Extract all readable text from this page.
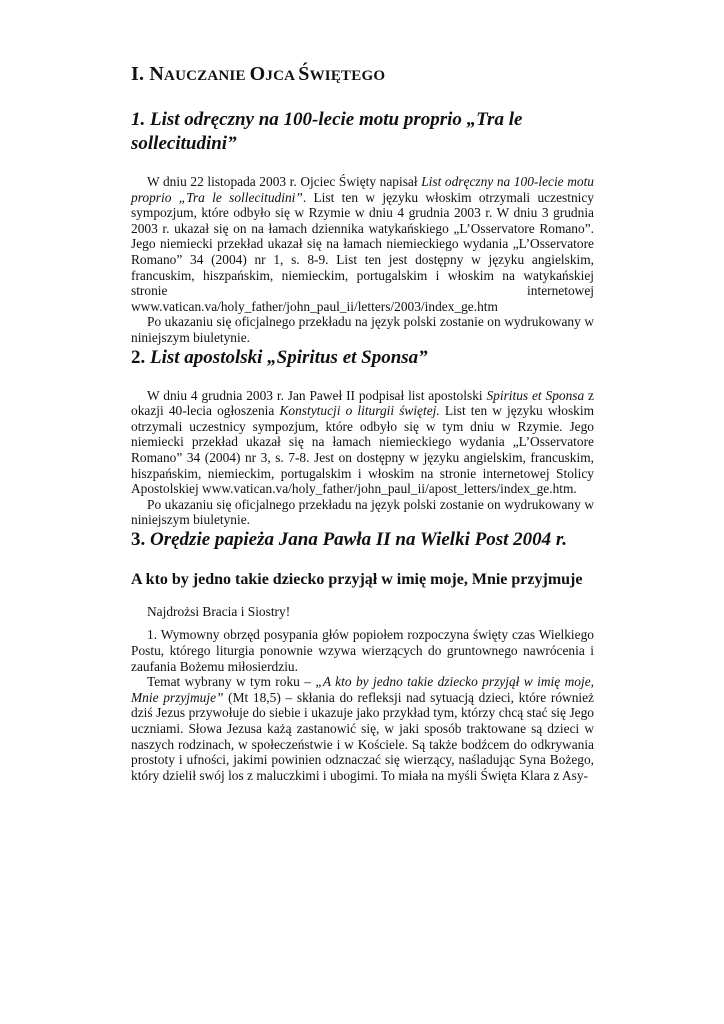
I. NAUCZANIE OJCA ŚWIĘTEGO
1. List odręczny na 100-lecie motu proprio „Tra le sollecitudini”

W dniu 22 listopada 2003 r. Ojciec Święty napisał List odręczny na 100-lecie motu proprio „Tra le sollecitudini”. List ten w języku włoskim otrzymali uczestnicy sympozjum, które odbyło się w Rzymie w dniu 4 grudnia 2003 r. W dniu 3 grudnia 2003 r. ukazał się on na łamach dziennika watykańskiego „L’Osservatore Romano”. Jego niemiecki przekład ukazał się na łamach niemieckiego wydania „L’Osservatore Romano” 34 (2004) nr 1, s. 8-9. List ten jest dostępny w języku angielskim, francuskim, hiszpańskim, niemieckim, portugalskim i włoskim na watykańskiej stronie internetowej www.vatican.va/holy_father/john_paul_ii/letters/2003/index_ge.htm

Po ukazaniu się oficjalnego przekładu na język polski zostanie on wydrukowany w niniejszym biuletynie.

2. List apostolski „Spiritus et Sponsa”

W dniu 4 grudnia 2003 r. Jan Paweł II podpisał list apostolski Spiritus et Sponsa z okazji 40-lecia ogłoszenia Konstytucji o liturgii świętej. List ten w języku włoskim otrzymali uczestnicy sympozjum, które odbyło się w tym dniu w Rzymie. Jego niemiecki przekład ukazał się na łamach niemieckiego wydania „L’Osservatore Romano” 34 (2004) nr 3, s. 7-8. Jest on dostępny w języku angielskim, francuskim, hiszpańskim, niemieckim, portugalskim i włoskim na stronie internetowej Stolicy Apostolskiej www.vatican.va/holy_father/john_paul_ii/apost_letters/index_ge.htm.

Po ukazaniu się oficjalnego przekładu na język polski zostanie on wydrukowany w niniejszym biuletynie.

3. Orędzie papieża Jana Pawła II na Wielki Post 2004 r.
A kto by jedno takie dziecko przyjął w imię moje, Mnie przyjmuje

Najdrożsi Bracia i Siostry!

1. Wymowny obrzęd posypania głów popiołem rozpoczyna święty czas Wielkiego Postu, którego liturgia ponownie wzywa wierzących do gruntownego nawrócenia i zaufania Bożemu miłosierdziu.

Temat wybrany w tym roku – „A kto by jedno takie dziecko przyjął w imię moje, Mnie przyjmuje” (Mt 18,5) – skłania do refleksji nad sytuacją dzieci, które również dziś Jezus przywołuje do siebie i ukazuje jako przykład tym, którzy chcą stać się Jego uczniami. Słowa Jezusa każą zastanowić się, w jaki sposób traktowane są dzieci w naszych rodzinach, w społeczeństwie i w Kościele. Są także bodźcem do odkrywania prostoty i ufności, jakimi powinien odznaczać się wierzący, naśladując Syna Bożego, który dzielił swój los z maluczkimi i ubogimi. To miała na myśli Święta Klara z Asy-
